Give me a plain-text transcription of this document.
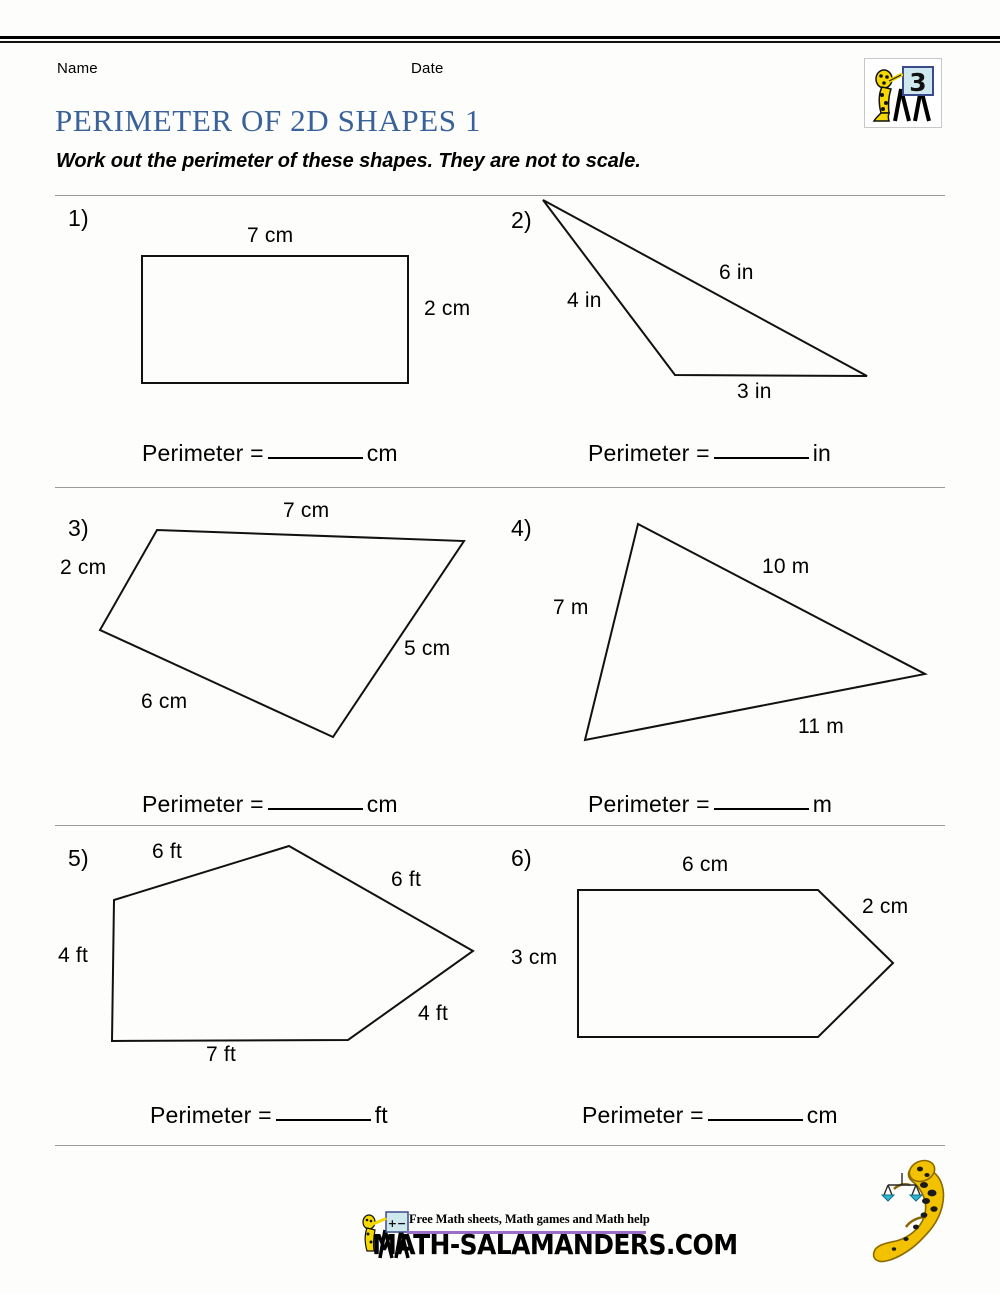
Name	Date
PERIMETER OF 2D SHAPES 1
Work out the perimeter of these shapes. They are not to scale.
3
1)	2)
3)	4)
5)	6)
7 cm
2 cm
6 in
4 in
3 in
7 cm
2 cm
5 cm
6 cm
10 m
7 m
11 m
6 ft
6 ft
4 ft
7 ft
4 ft
6 cm
2 cm
3 cm
Perimeter =	cm	Perimeter =	in
Perimeter =	cm	Perimeter =	m
Perimeter =	ft	Perimeter =	cm
+− Free Math sheets, Math games and Math help
MATH-SALAMANDERS.COM
